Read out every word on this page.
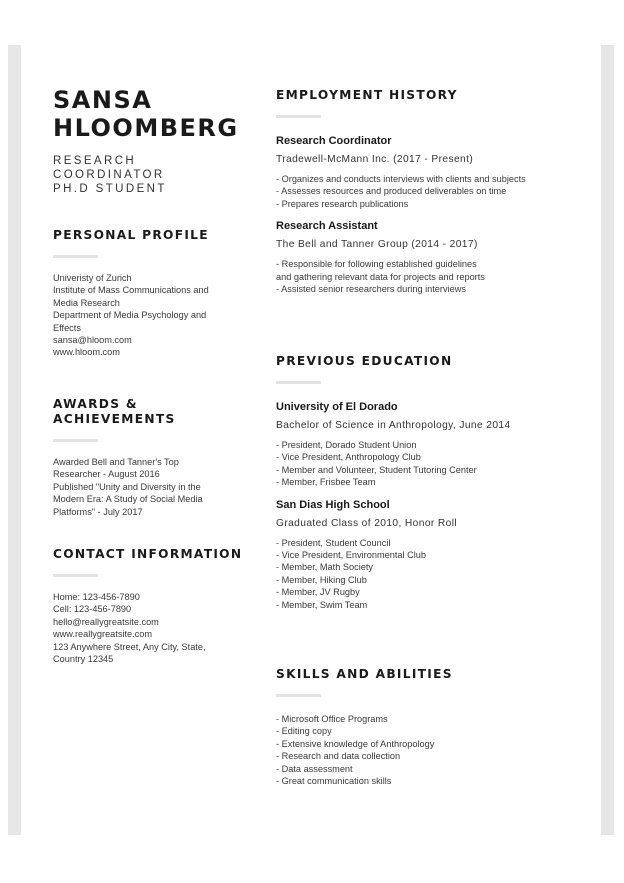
SANSA
HLOOMBERG
RESEARCH COORDINATOR
PH.D STUDENT
PERSONAL PROFILE
Univeristy of Zurich
Institute of Mass Communications and
Media Research
Department of Media Psychology and
Effects
sansa@hloom.com
www.hloom.com
AWARDS &
ACHIEVEMENTS
Awarded Bell and Tanner's Top
Researcher - August 2016
Published "Unity and Diversity in the
Modern Era: A Study of Social Media
Platforms" - July 2017
CONTACT INFORMATION
Home: 123-456-7890
Cell: 123-456-7890
hello@reallygreatsite.com
www.reallygreatsite.com
123 Anywhere Street, Any City, State,
Country 12345
EMPLOYMENT HISTORY
Research Coordinator
Tradewell-McMann Inc. (2017 - Present)
- Organizes and conducts interviews with clients and subjects
- Assesses resources and produced deliverables on time
- Prepares research publications
Research Assistant
The Bell and Tanner Group (2014 - 2017)
- Responsible for following established guidelines
and gathering relevant data for projects and reports
- Assisted senior researchers during interviews
PREVIOUS EDUCATION
University of El Dorado
Bachelor of Science in Anthropology, June 2014
- President, Dorado Student Union
- Vice President, Anthropology Club
- Member and Volunteer, Student Tutoring Center
- Member, Frisbee Team
San Dias High School
Graduated Class of 2010, Honor Roll
- President, Student Council
- Vice President, Environmental Club
- Member, Math Society
- Member, Hiking Club
- Member, JV Rugby
- Member, Swim Team
SKILLS AND ABILITIES
- Microsoft Office Programs
- Editing copy
- Extensive knowledge of Anthropology
- Research and data collection
- Data assessment
- Great communication skills
